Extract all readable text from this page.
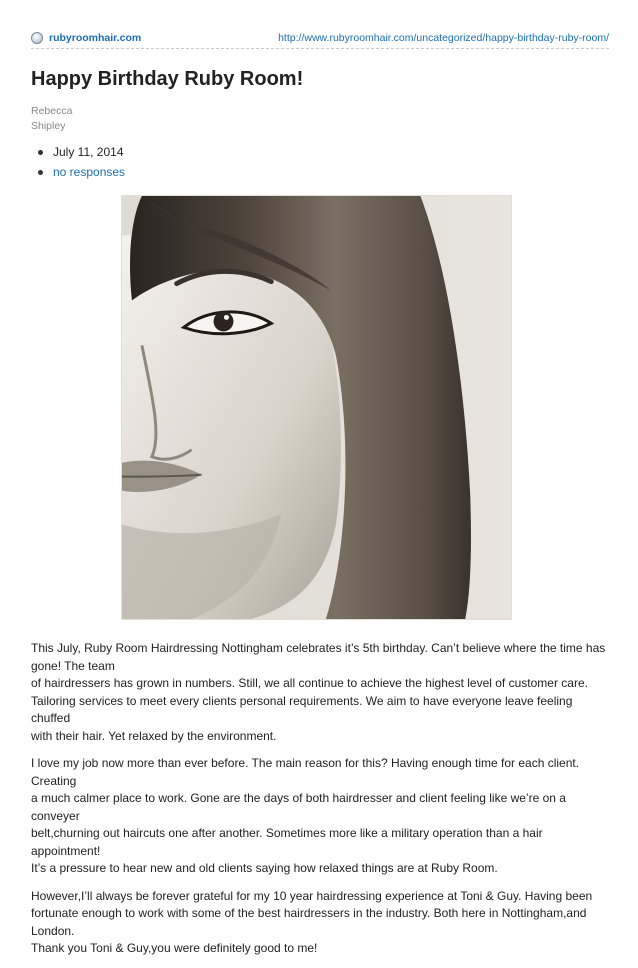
rubyroomhair.com	http://www.rubyroomhair.com/uncategorized/happy-birthday-ruby-room/
Happy Birthday Ruby Room!
Rebecca
Shipley
July 11, 2014
no responses

This July, Ruby Room Hairdressing Nottingham celebrates it’s 5th birthday. Can’t believe where the time has
gone! The team
of hairdressers has grown in numbers. Still, we all continue to achieve the highest level of customer care.
Tailoring services to meet every clients personal requirements. We aim to have everyone leave feeling chuffed
with their hair. Yet relaxed by the environment.

I love my job now more than ever before. The main reason for this? Having enough time for each client. Creating
a much calmer place to work. Gone are the days of both hairdresser and client feeling like we’re on a conveyer
belt,churning out haircuts one after another. Sometimes more like a military operation than a hair appointment!
It’s a pressure to hear new and old clients saying how relaxed things are at Ruby Room.

However,I’ll always be forever grateful for my 10 year hairdressing experience at Toni & Guy. Having been
fortunate enough to work with some of the best hairdressers in the industry. Both here in Nottingham,and London.
Thank you Toni & Guy,you were definitely good to me!
